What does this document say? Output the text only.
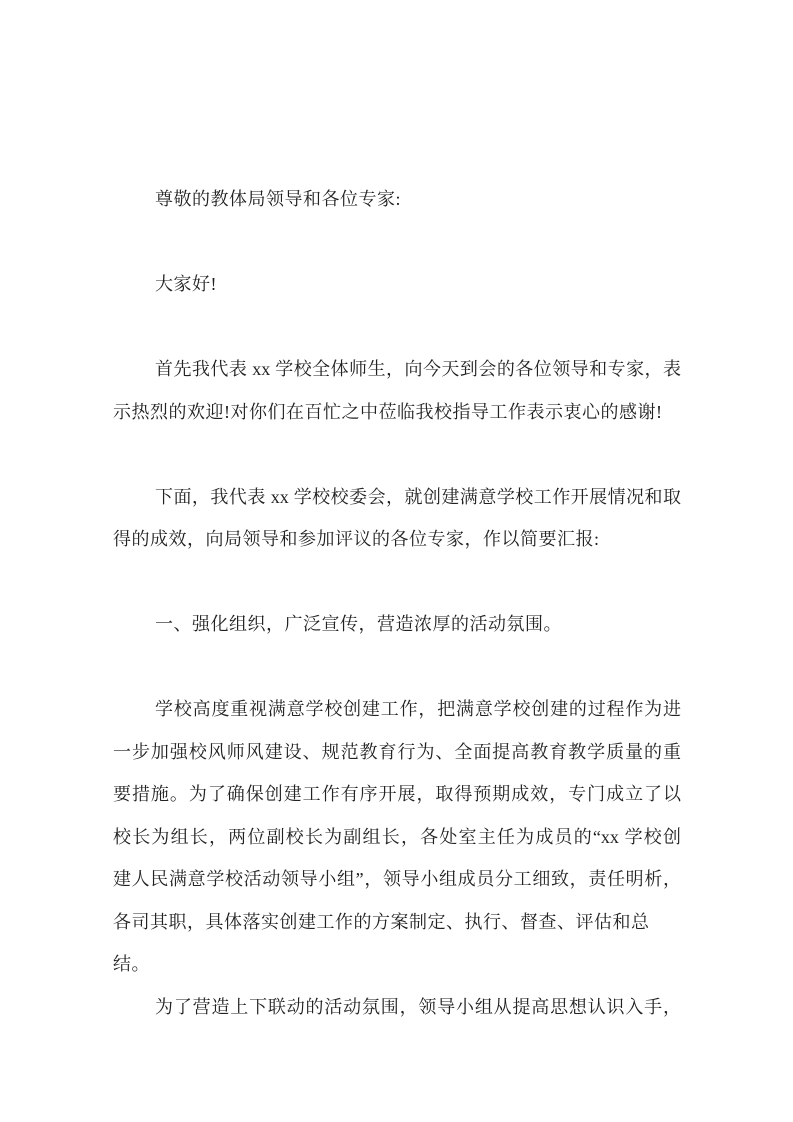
尊敬的教体局领导和各位专家:
大家好!
首先我代表 xx 学校全体师生，向今天到会的各位领导和专家，表
示热烈的欢迎!对你们在百忙之中莅临我校指导工作表示衷心的感谢!
下面，我代表 xx 学校校委会，就创建满意学校工作开展情况和取
得的成效，向局领导和参加评议的各位专家，作以简要汇报:
一、强化组织，广泛宣传，营造浓厚的活动氛围。
学校高度重视满意学校创建工作，把满意学校创建的过程作为进
一步加强校风师风建设、规范教育行为、全面提高教育教学质量的重
要措施。为了确保创建工作有序开展，取得预期成效，专门成立了以
校长为组长，两位副校长为副组长，各处室主任为成员的“xx 学校创
建人民满意学校活动领导小组”，领导小组成员分工细致，责任明析，
各司其职，具体落实创建工作的方案制定、执行、督查、评估和总结。
为了营造上下联动的活动氛围，领导小组从提高思想认识入手，
